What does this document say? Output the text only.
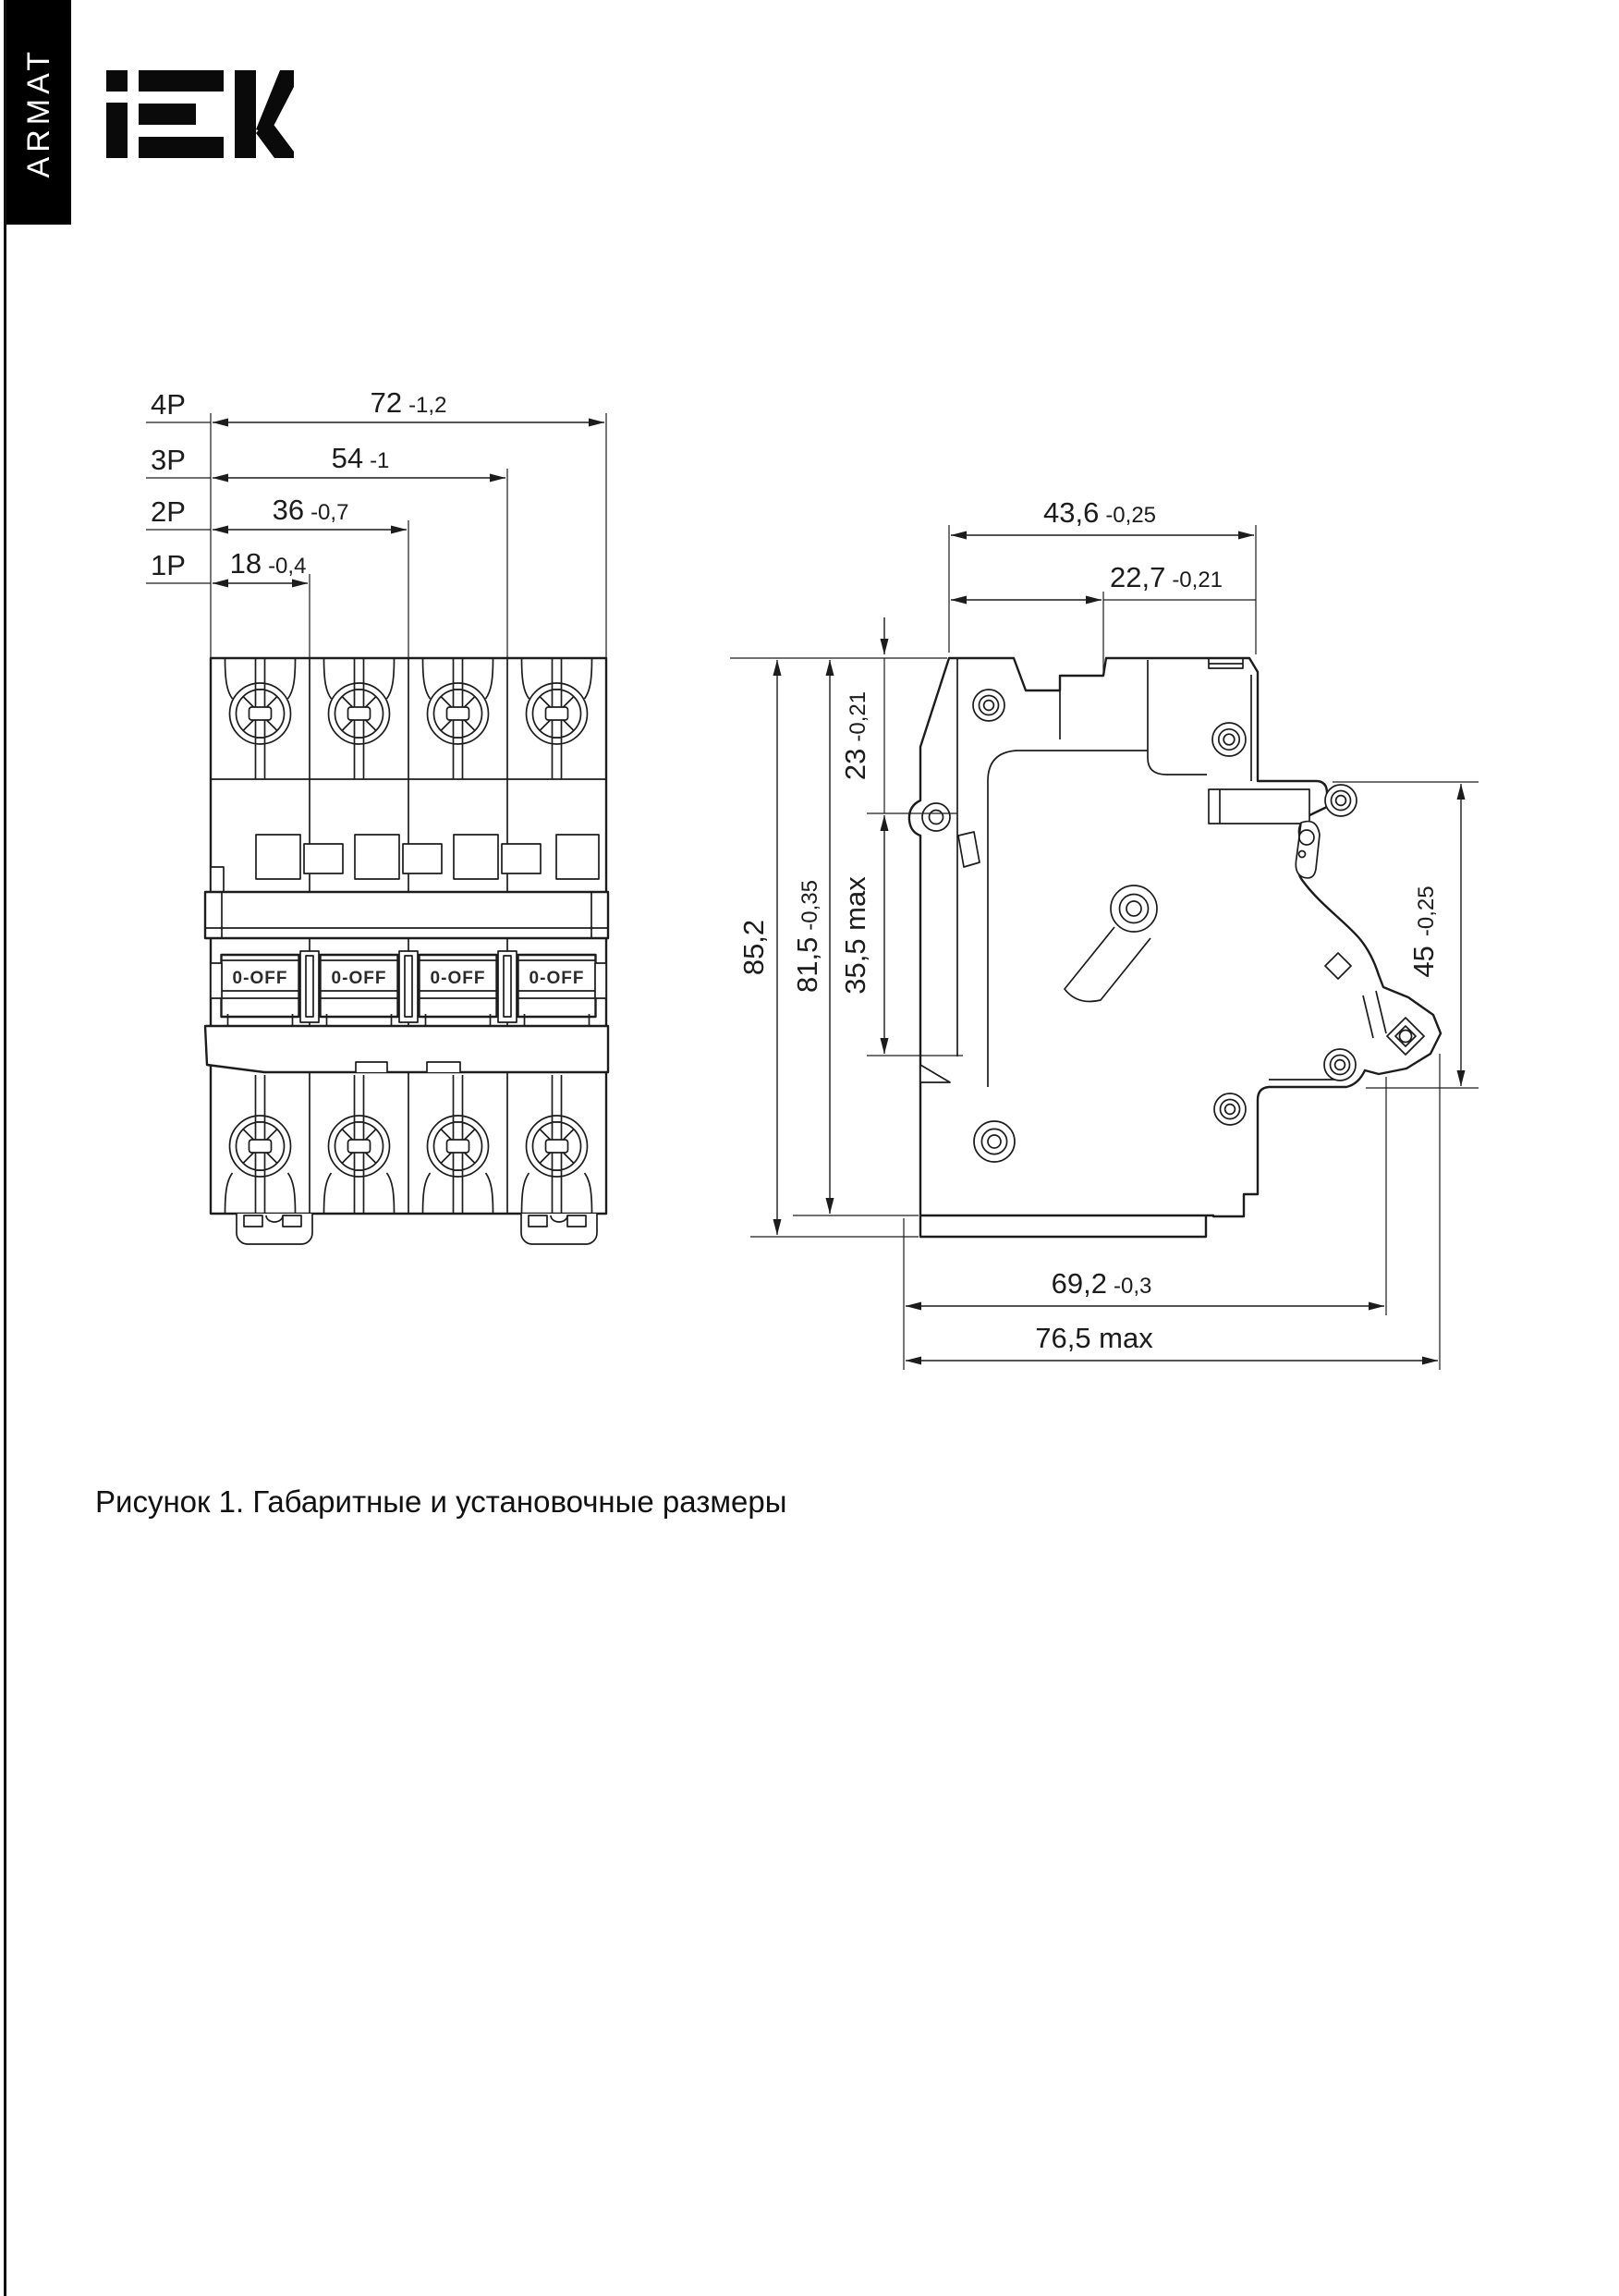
ARMAT
4P	72 -1,2
3P	54 -1
2P	36 -0,7
1P 18 -0,4
0-OFF 0-OFF 0-OFF 0-OFF
43,6 -0,25
22,7 -0,21
85,2 81,5-0,35
23-0,21
35,5 max	45-0,25
69,2 -0,3
76,5 max
Рисунок 1. Габаритные и установочные размеры
